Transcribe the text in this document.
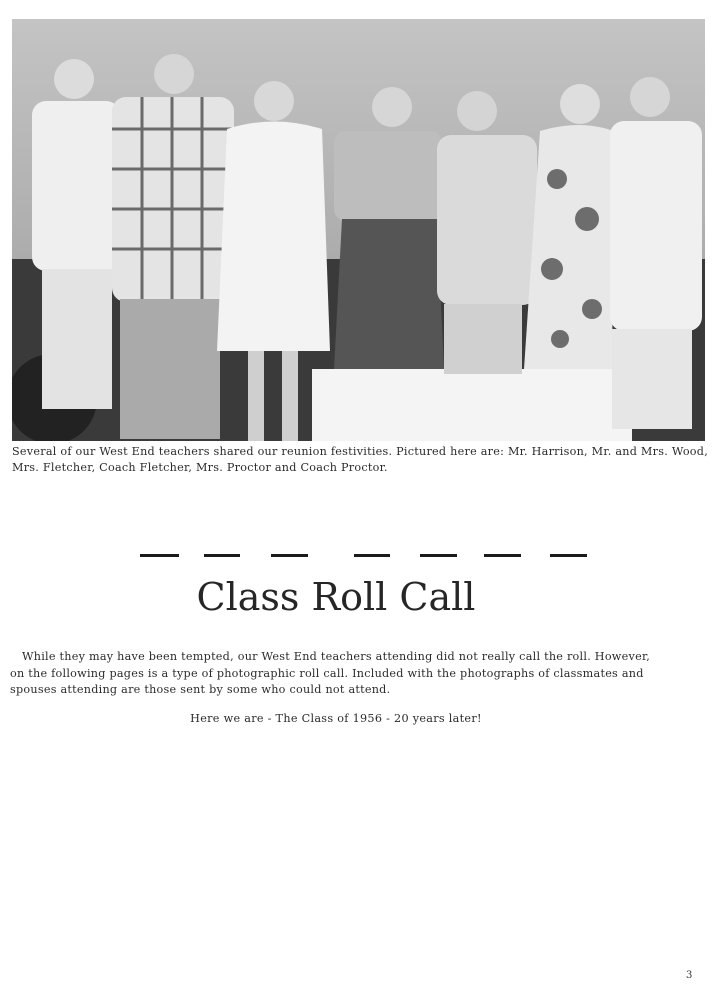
Several of our West End teachers shared our reunion festivities. Pictured here are: Mr. Harrison, Mr. and Mrs. Wood,
Mrs. Fletcher, Coach Fletcher, Mrs. Proctor and Coach Proctor.
Class Roll Call
While they may have been tempted, our West End teachers attending did not really call the roll. However,
on the following pages is a type of photographic roll call. Included with the photographs of classmates and
spouses attending are those sent by some who could not attend.
Here we are - The Class of 1956 - 20 years later!
3
